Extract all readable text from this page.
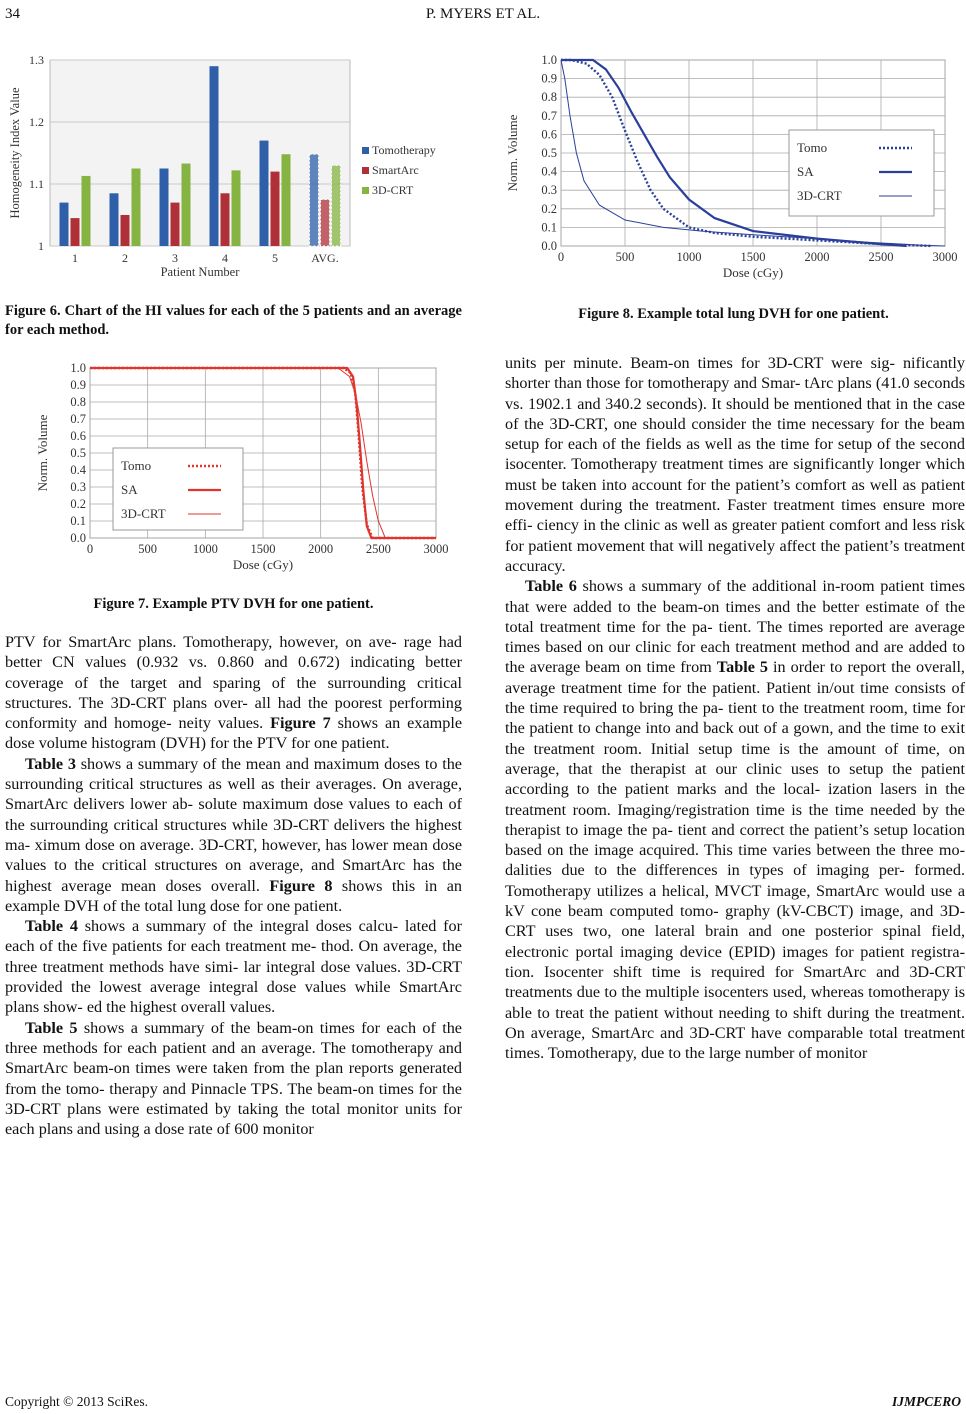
34	P. MYERS ET AL.
1
1.1
1.2
1.3
1	2	3	4	5	AVG.
Patient Number
Homogeneity Index Value	Tomotherapy
SmartArc
3D-CRT
Figure 6. Chart of the HI values for each of the 5 patients and an average for each method.
0.0
0.1
0.2
0.3
0.4
0.5
0.6
0.7
0.8
0.9
1.0
0	500	1000	1500	2000	2500	3000
Dose (cGy)
Norm. Volume	Tomo
SA
3D-CRT
Figure 7. Example PTV DVH for one patient.
0.0
0.1
0.2
0.3
0.4
0.5
0.6
0.7
0.8
0.9
1.0
0	500	1000	1500	2000	2500	3000
Dose (cGy)
Norm. Volume	Tomo
SA
3D-CRT
Figure 8. Example total lung DVH for one patient.

PTV for SmartArc plans. Tomotherapy, however, on ave- rage had better CN values (0.932 vs. 0.860 and 0.672) indicating better coverage of the target and sparing of the surrounding critical structures. The 3D-CRT plans over- all had the poorest performing conformity and homoge- neity values. Figure 7 shows an example dose volume histogram (DVH) for the PTV for one patient.

Table 3 shows a summary of the mean and maximum doses to the surrounding critical structures as well as their averages. On average, SmartArc delivers lower ab- solute maximum dose values to each of the surrounding critical structures while 3D-CRT delivers the highest ma- ximum dose on average. 3D-CRT, however, has lower mean dose values to the critical structures on average, and SmartArc has the highest average mean doses overall. Figure 8 shows this in an example DVH of the total lung dose for one patient.

Table 4 shows a summary of the integral doses calcu- lated for each of the five patients for each treatment me- thod. On average, the three treatment methods have simi- lar integral dose values. 3D-CRT provided the lowest average integral dose values while SmartArc plans show- ed the highest overall values.

Table 5 shows a summary of the beam-on times for each of the three methods for each patient and an average. The tomotherapy and SmartArc beam-on times were taken from the plan reports generated from the tomo- therapy and Pinnacle TPS. The beam-on times for the 3D-CRT plans were estimated by taking the total monitor units for each plans and using a dose rate of 600 monitor

units per minute. Beam-on times for 3D-CRT were sig- nificantly shorter than those for tomotherapy and Smar- tArc plans (41.0 seconds vs. 1902.1 and 340.2 seconds). It should be mentioned that in the case of the 3D-CRT, one should consider the time necessary for the beam setup for each of the fields as well as the time for setup of the second isocenter. Tomotherapy treatment times are significantly longer which must be taken into account for the patient’s comfort as well as patient movement during the treatment. Faster treatment times ensure more effi- ciency in the clinic as well as greater patient comfort and less risk for patient movement that will negatively affect the patient’s treatment accuracy.

Table 6 shows a summary of the additional in-room patient times that were added to the beam-on times and the better estimate of the total treatment time for the pa- tient. The times reported are average times based on our clinic for each treatment method and are added to the average beam on time from Table 5 in order to report the overall, average treatment time for the patient. Patient in/out time consists of the time required to bring the pa- tient to the treatment room, time for the patient to change into and back out of a gown, and the time to exit the treatment room. Initial setup time is the amount of time, on average, that the therapist at our clinic uses to setup the patient according to the patient marks and the local- ization lasers in the treatment room. Imaging/registration time is the time needed by the therapist to image the pa- tient and correct the patient’s setup location based on the image acquired. This time varies between the three mo- dalities due to the differences in types of imaging per- formed. Tomotherapy utilizes a helical, MVCT image, SmartArc would use a kV cone beam computed tomo- graphy (kV-CBCT) image, and 3D-CRT uses two, one lateral brain and one posterior spinal field, electronic portal imaging device (EPID) images for patient registra- tion. Isocenter shift time is required for SmartArc and 3D-CRT treatments due to the multiple isocenters used, whereas tomotherapy is able to treat the patient without needing to shift during the treatment. On average, SmartArc and 3D-CRT have comparable total treatment times. Tomotherapy, due to the large number of monitor

Copyright © 2013 SciRes.	IJMPCERO
